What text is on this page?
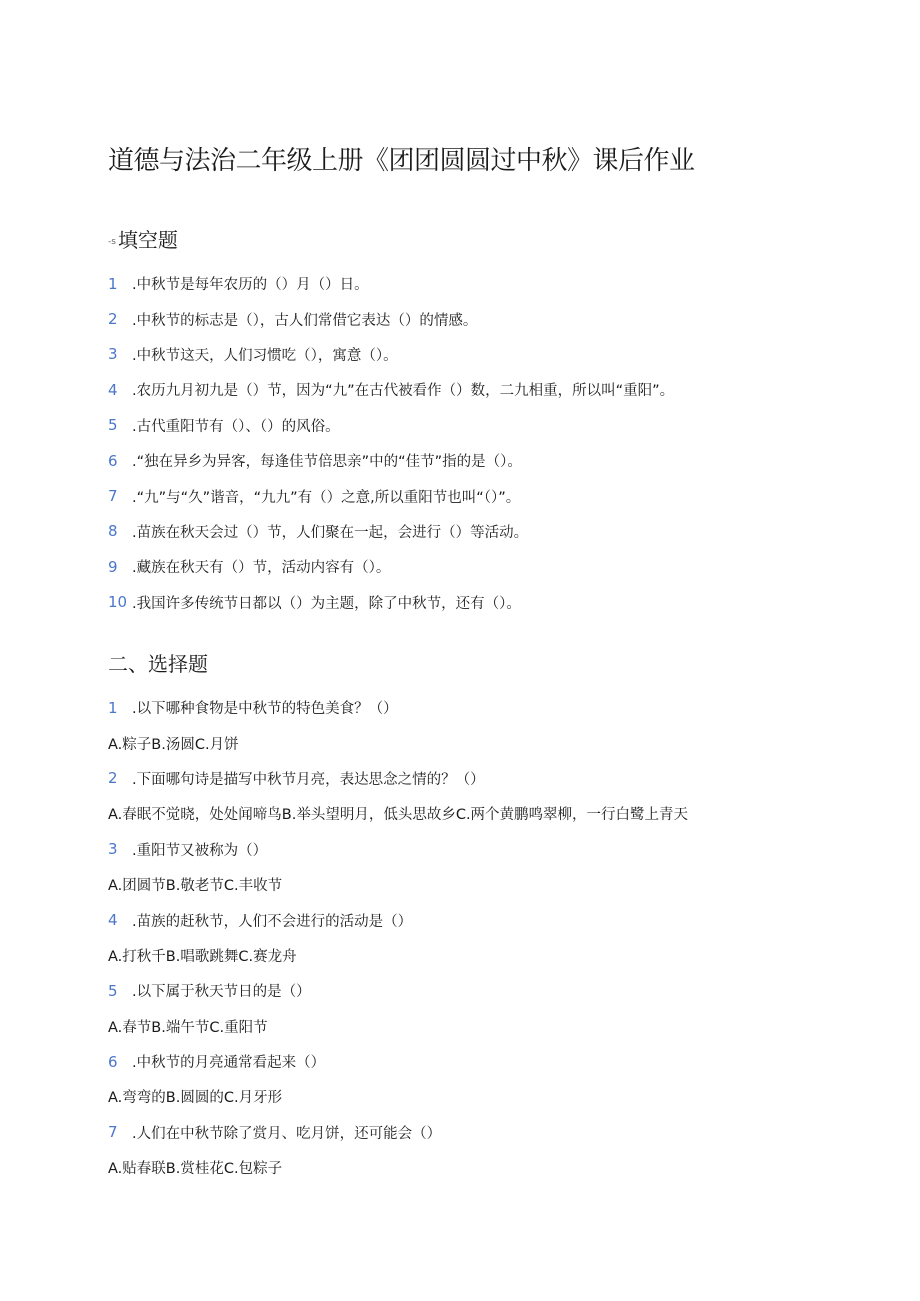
道德与法治二年级上册《团团圆圆过中秋》课后作业
-s 填空题
1 .中秋节是每年农历的（）月（）日。
2 .中秋节的标志是（），古人们常借它表达（）的情感。
3 .中秋节这天，人们习惯吃（），寓意（）。
4 .农历九月初九是（）节，因为“九”在古代被看作（）数，二九相重，所以叫“重阳”。
5 .古代重阳节有（）、（）的风俗。
6 .“独在异乡为异客，每逢佳节倍思亲”中的“佳节”指的是（）。
7 .“九”与“久”谐音，“九九”有（）之意,所以重阳节也叫“（）”。
8 .苗族在秋天会过（）节，人们聚在一起，会进行（）等活动。
9 .藏族在秋天有（）节，活动内容有（）。
10 .我国许多传统节日都以（）为主题，除了中秋节，还有（）。
二、选择题
1 .以下哪种食物是中秋节的特色美食？（）
A.粽子B.汤圆C.月饼
2 .下面哪句诗是描写中秋节月亮，表达思念之情的？（）
A.春眠不觉晓，处处闻啼鸟B.举头望明月，低头思故乡C.两个黄鹏鸣翠柳，一行白鹭上青天
3 .重阳节又被称为（）
A.团圆节B.敬老节C.丰收节
4 .苗族的赶秋节，人们不会进行的活动是（）
A.打秋千B.唱歌跳舞C.赛龙舟
5 .以下属于秋天节日的是（）
A.春节B.端午节C.重阳节
6 .中秋节的月亮通常看起来（）
A.弯弯的B.圆圆的C.月牙形
7 .人们在中秋节除了赏月、吃月饼，还可能会（）
A.贴春联B.赏桂花C.包粽子
